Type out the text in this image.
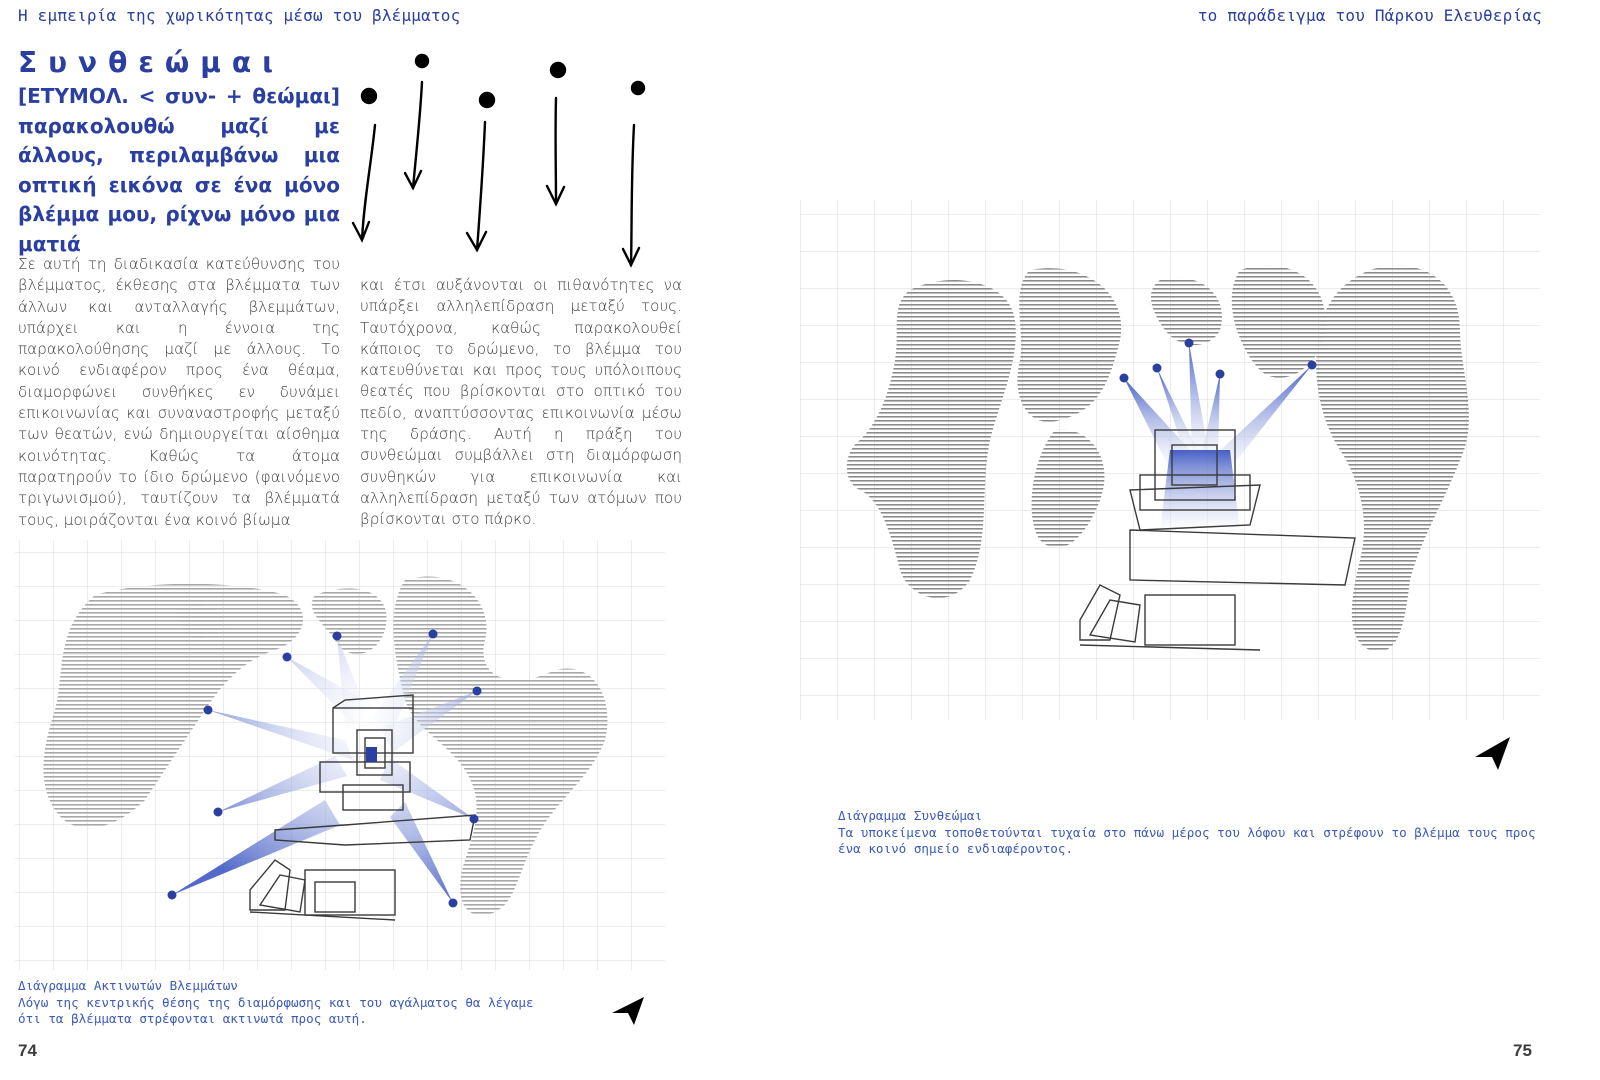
Η εμπειρία της χωρικότητας μέσω του βλέμματος	το παράδειγμα του Πάρκου Ελευθερίας
Συνθεώμαι
[ΕΤΥΜΟΛ. < συν- + θεώμαι] παρακολουθώ μαζί με άλλους, περιλαμβάνω μια οπτική εικόνα σε ένα μόνο βλέμμα μου, ρίχνω μόνο μια ματιά
Σε αυτή τη διαδικασία κατεύθυνσης του βλέμματος, έκθεσης στα βλέμματα των άλλων και ανταλλαγής βλεμμάτων, υπάρχει και η έννοια της παρακολούθησης μαζί με άλλους. Το κοινό ενδιαφέρον προς ένα θέαμα, διαμορφώνει συνθήκες εν δυνάμει επικοινωνίας και συναναστροφής μεταξύ των θεατών, ενώ δημιουργείται αίσθημα κοινότητας. Καθώς τα άτομα παρατηρούν το ίδιο δρώμενο (φαινόμενο τριγωνισμού), ταυτίζουν τα βλέμματά τους, μοιράζονται ένα κοινό βίωμα
και έτσι αυξάνονται οι πιθανότητες να υπάρξει αλληλεπίδραση μεταξύ τους. Ταυτόχρονα, καθώς παρακολουθεί κάποιος το δρώμενο, το βλέμμα του κατευθύνεται και προς τους υπόλοιπους θεατές που βρίσκονται στο οπτικό του πεδίο, αναπτύσσοντας επικοινωνία μέσω της δράσης. Αυτή η πράξη του συνθεώμαι συμβάλλει στη διαμόρφωση συνθηκών για επικοινωνία και αλληλεπίδραση μεταξύ των ατόμων που βρίσκονται στο πάρκο.
Διάγραμμα Ακτινωτών Βλεμμάτων
Λόγω της κεντρικής θέσης της διαμόρφωσης και του αγάλματος θα λέγαμε ότι τα βλέμματα στρέφονται ακτινωτά προς αυτή.
Διάγραμμα Συνθεώμαι
Τα υποκείμενα τοποθετούνται τυχαία στο πάνω μέρος του λόφου και στρέφουν το βλέμμα τους προς ένα κοινό σημείο ενδιαφέροντος.
74	75
